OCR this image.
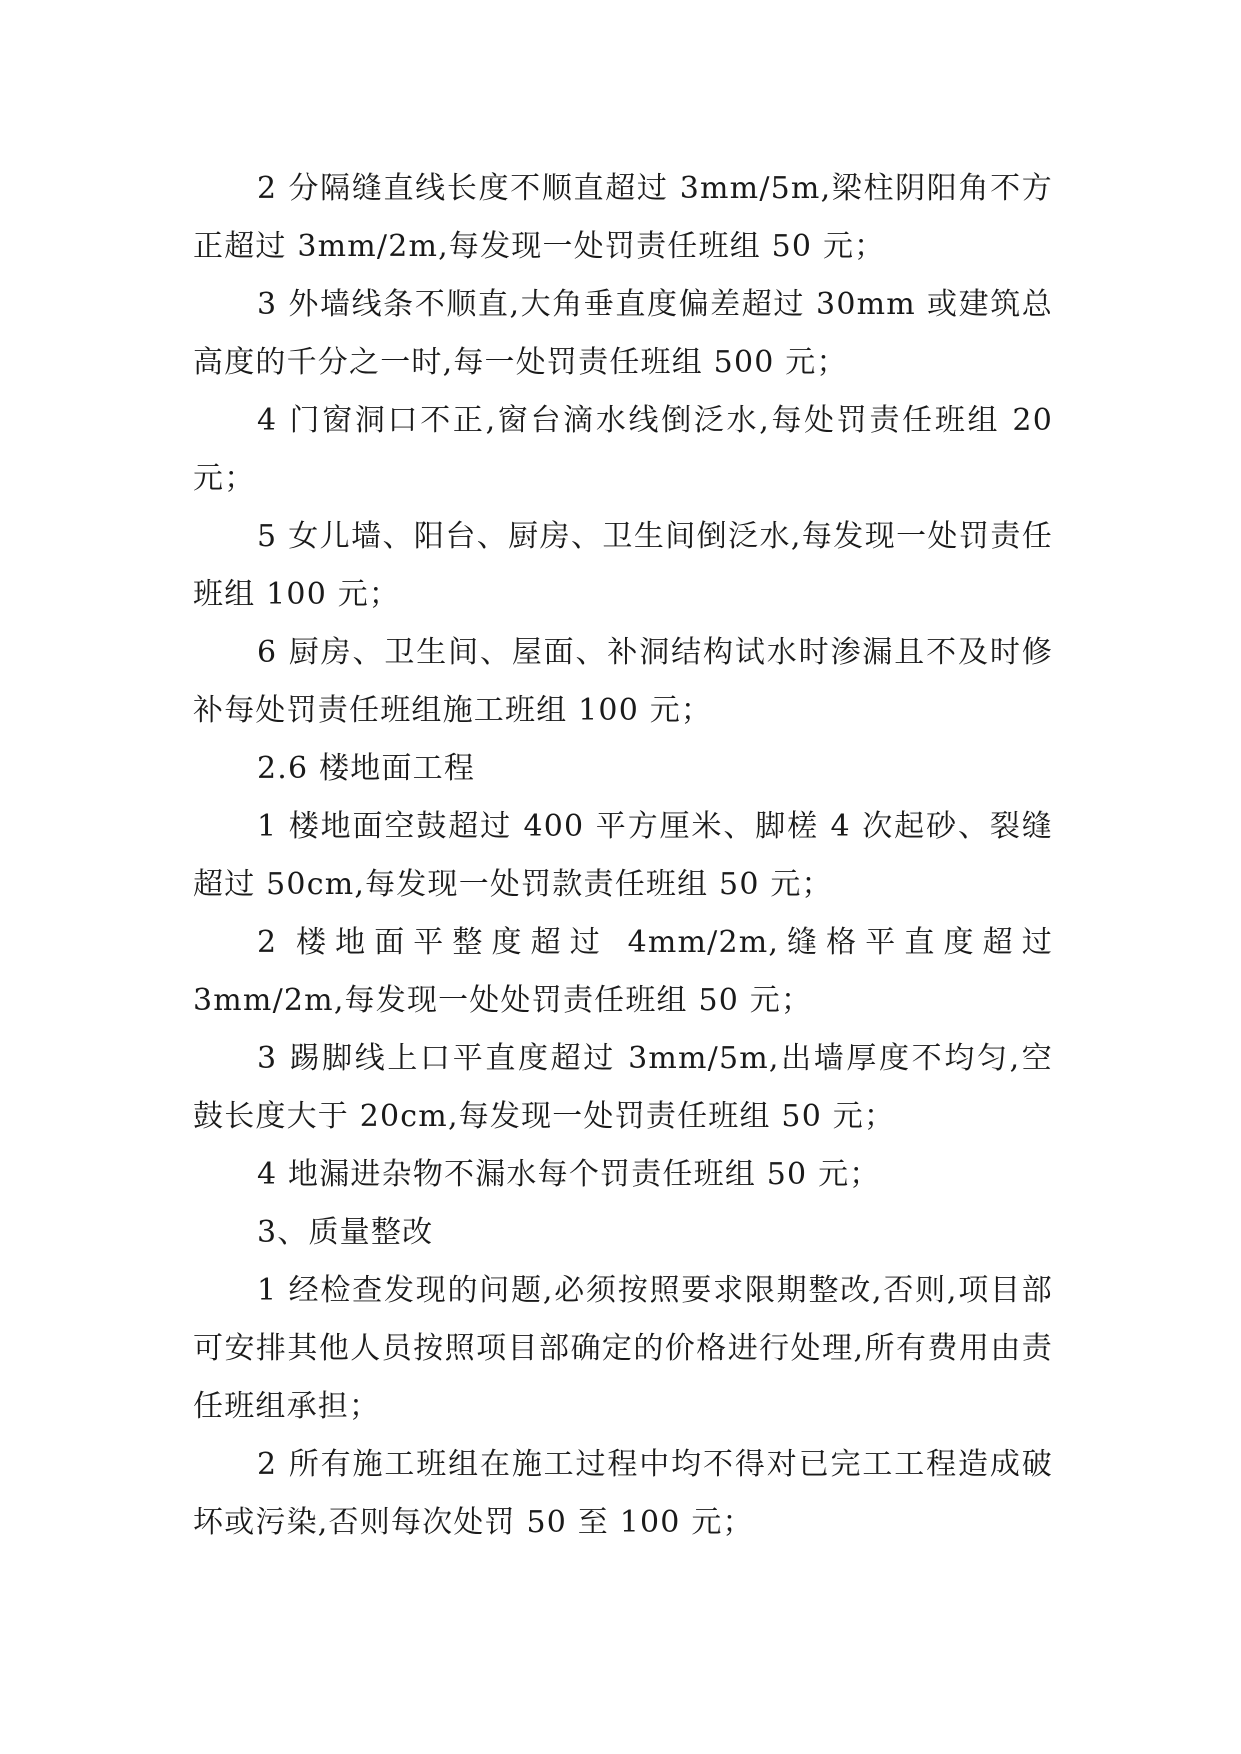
2 分隔缝直线长度不顺直超过 3mm/5m,梁柱阴阳角不方正超过 3mm/2m,每发现一处罚责任班组 50 元；

3 外墙线条不顺直,大角垂直度偏差超过 30mm 或建筑总高度的千分之一时,每一处罚责任班组 500 元；

4 门窗洞口不正,窗台滴水线倒泛水,每处罚责任班组 20 元；

5 女儿墙、阳台、厨房、卫生间倒泛水,每发现一处罚责任班组 100 元；

6 厨房、卫生间、屋面、补洞结构试水时渗漏且不及时修补每处罚责任班组施工班组 100 元；

2.6 楼地面工程

1 楼地面空鼓超过 400 平方厘米、脚槎 4 次起砂、裂缝超过 50cm,每发现一处罚款责任班组 50 元；

2 楼地面平整度超过 4mm/2m,缝格平直度超过 3mm/2m,每发现一处处罚责任班组 50 元；

3 踢脚线上口平直度超过 3mm/5m,出墙厚度不均匀,空鼓长度大于 20cm,每发现一处罚责任班组 50 元；

4 地漏进杂物不漏水每个罚责任班组 50 元；

3、质量整改

1 经检查发现的问题,必须按照要求限期整改,否则,项目部可安排其他人员按照项目部确定的价格进行处理,所有费用由责任班组承担；

2 所有施工班组在施工过程中均不得对已完工工程造成破坏或污染,否则每次处罚 50 至 100 元；
